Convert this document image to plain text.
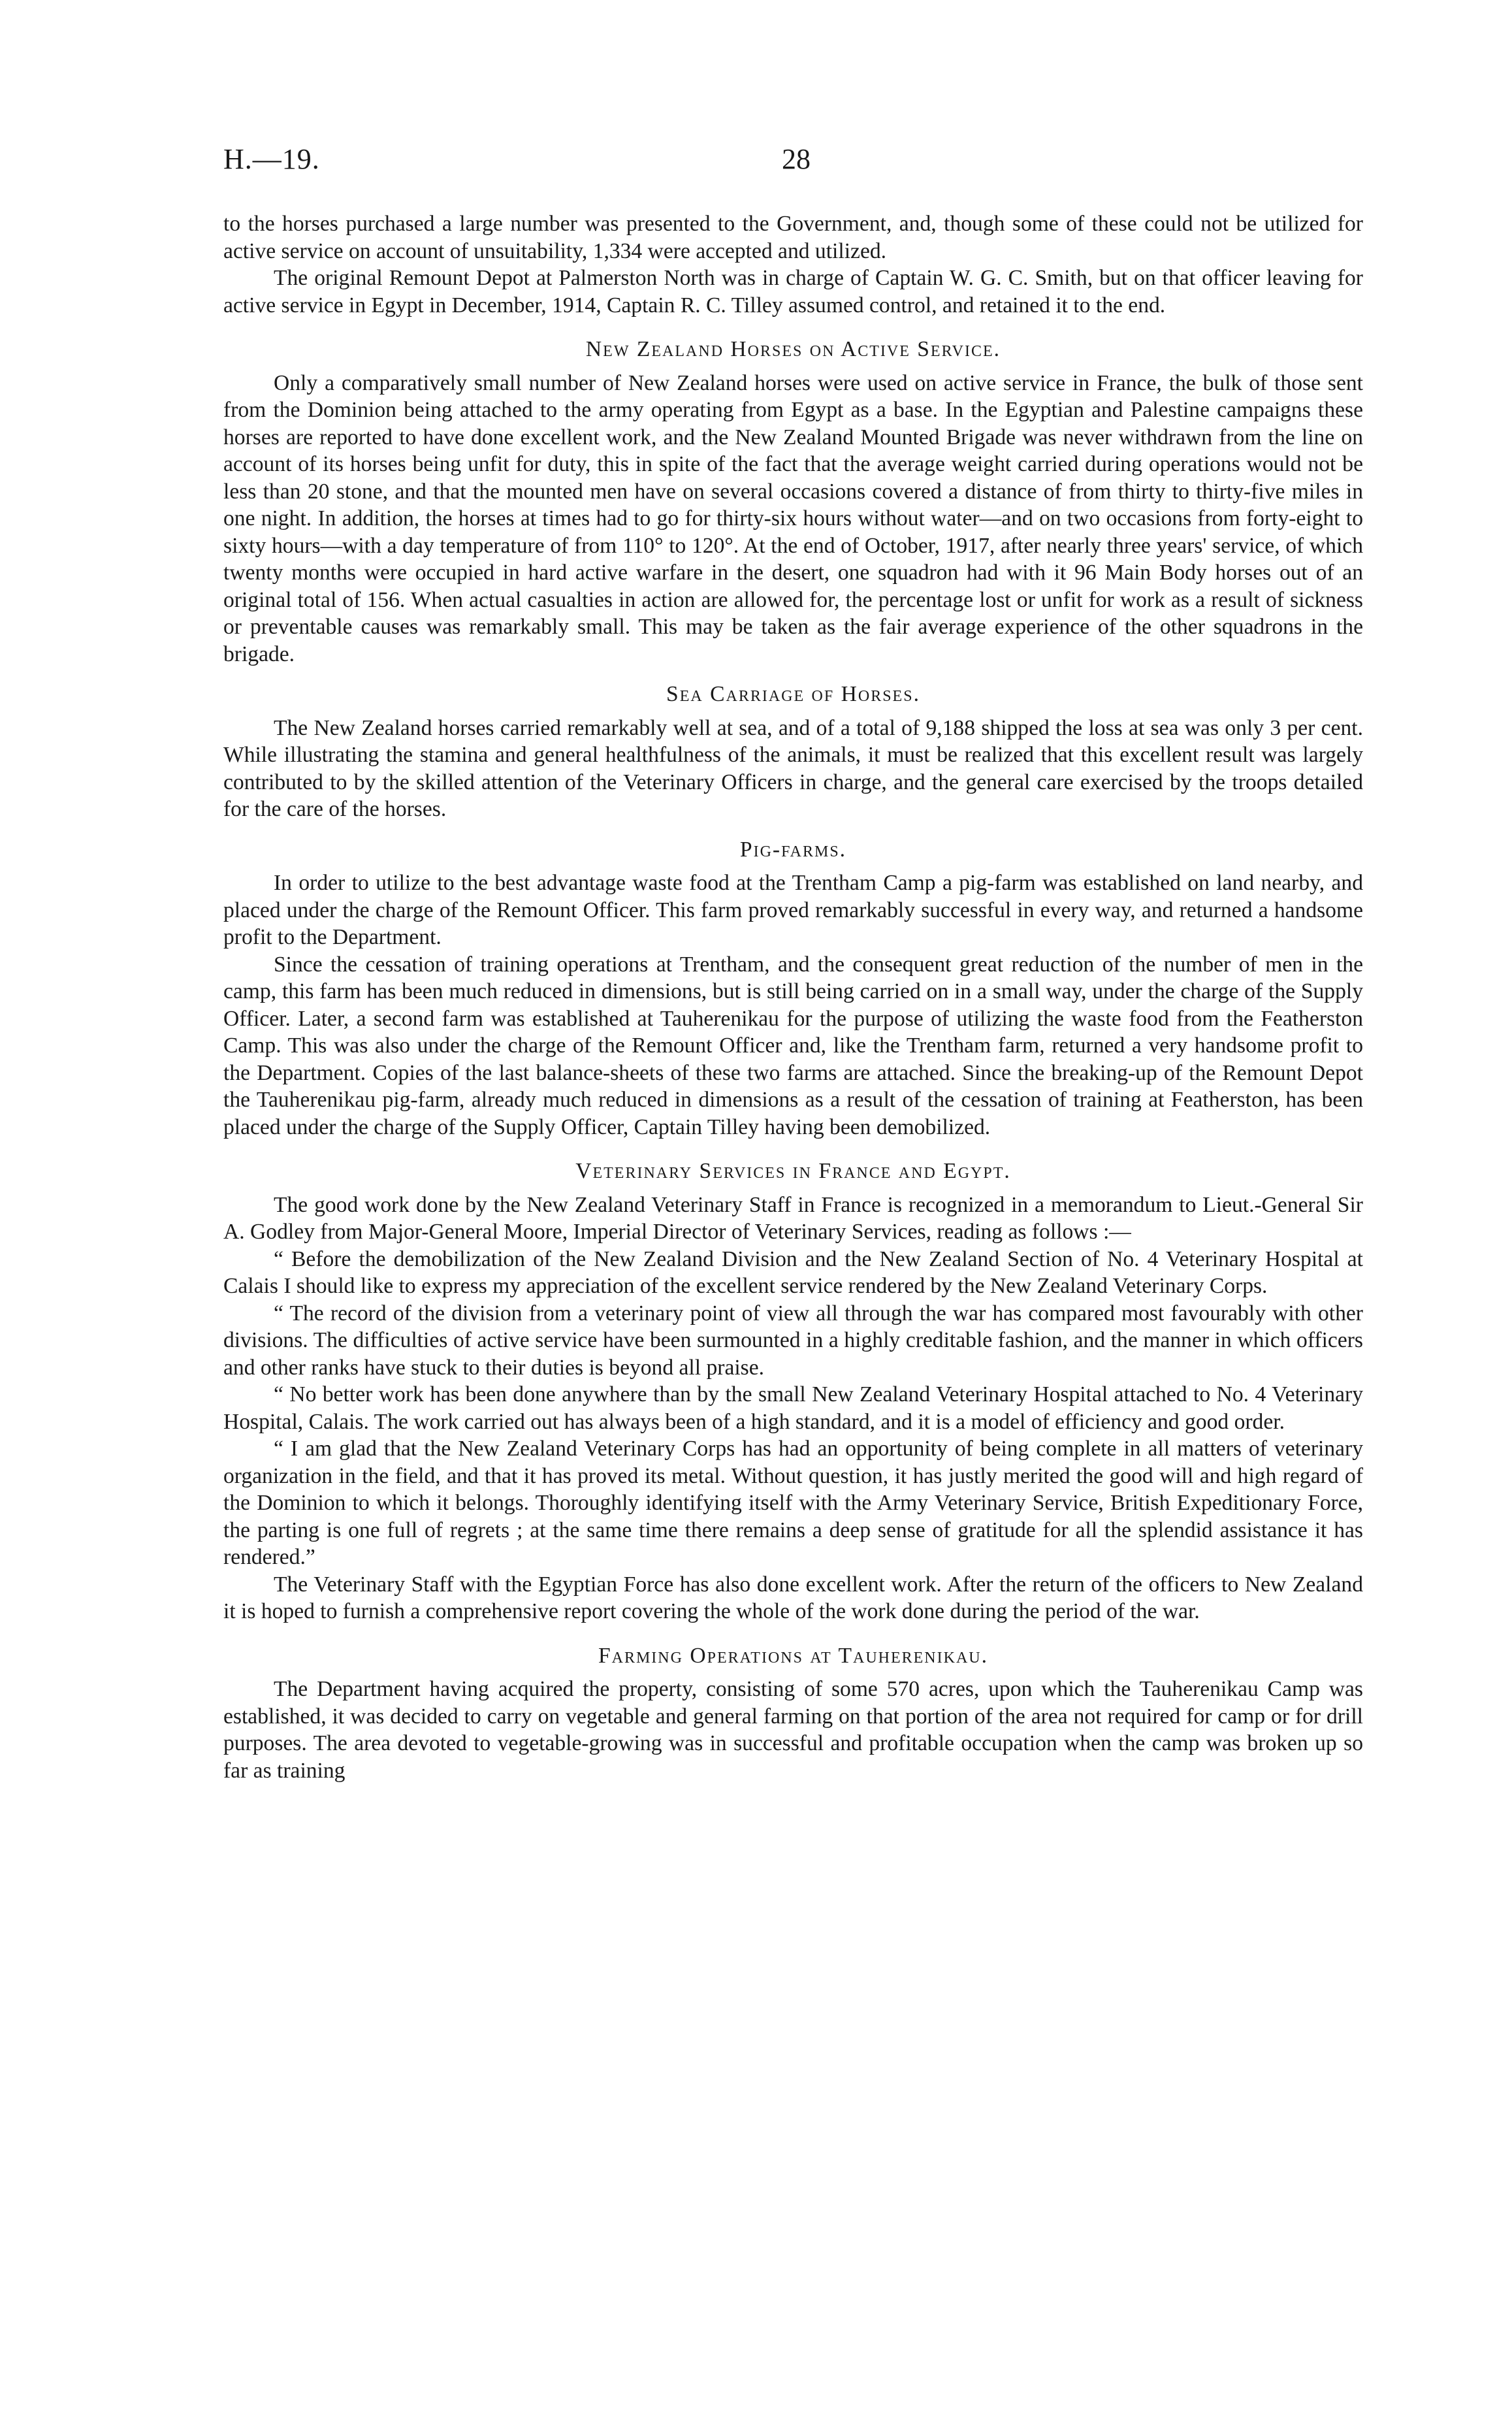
H.—19.	28

to the horses purchased a large number was presented to the Government, and, though some of these could not be utilized for active service on account of unsuitability, 1,334 were accepted and utilized.

The original Remount Depot at Palmerston North was in charge of Captain W. G. C. Smith, but on that officer leaving for active service in Egypt in December, 1914, Captain R. C. Tilley assumed control, and retained it to the end.

New Zealand Horses on Active Service.

Only a comparatively small number of New Zealand horses were used on active service in France, the bulk of those sent from the Dominion being attached to the army operating from Egypt as a base. In the Egyptian and Palestine campaigns these horses are reported to have done excellent work, and the New Zealand Mounted Brigade was never withdrawn from the line on account of its horses being unfit for duty, this in spite of the fact that the average weight carried during operations would not be less than 20 stone, and that the mounted men have on several occasions covered a distance of from thirty to thirty-five miles in one night. In addition, the horses at times had to go for thirty-six hours without water—and on two occasions from forty-eight to sixty hours—with a day temperature of from 110° to 120°. At the end of October, 1917, after nearly three years' service, of which twenty months were occupied in hard active warfare in the desert, one squadron had with it 96 Main Body horses out of an original total of 156. When actual casualties in action are allowed for, the percentage lost or unfit for work as a result of sickness or preventable causes was remarkably small. This may be taken as the fair average experience of the other squadrons in the brigade.

Sea Carriage of Horses.

The New Zealand horses carried remarkably well at sea, and of a total of 9,188 shipped the loss at sea was only 3 per cent. While illustrating the stamina and general healthfulness of the animals, it must be realized that this excellent result was largely contributed to by the skilled attention of the Veterinary Officers in charge, and the general care exercised by the troops detailed for the care of the horses.

Pig-farms.

In order to utilize to the best advantage waste food at the Trentham Camp a pig-farm was established on land nearby, and placed under the charge of the Remount Officer. This farm proved remarkably successful in every way, and returned a handsome profit to the Department.

Since the cessation of training operations at Trentham, and the consequent great reduction of the number of men in the camp, this farm has been much reduced in dimensions, but is still being carried on in a small way, under the charge of the Supply Officer. Later, a second farm was established at Tauherenikau for the purpose of utilizing the waste food from the Featherston Camp. This was also under the charge of the Remount Officer and, like the Trentham farm, returned a very handsome profit to the Department. Copies of the last balance-sheets of these two farms are attached. Since the breaking-up of the Remount Depot the Tauherenikau pig-farm, already much reduced in dimensions as a result of the cessation of training at Featherston, has been placed under the charge of the Supply Officer, Captain Tilley having been demobilized.

Veterinary Services in France and Egypt.

The good work done by the New Zealand Veterinary Staff in France is recognized in a memorandum to Lieut.-General Sir A. Godley from Major-General Moore, Imperial Director of Veterinary Services, reading as follows :—

“ Before the demobilization of the New Zealand Division and the New Zealand Section of No. 4 Veterinary Hospital at Calais I should like to express my appreciation of the excellent service rendered by the New Zealand Veterinary Corps.

“ The record of the division from a veterinary point of view all through the war has compared most favourably with other divisions. The difficulties of active service have been surmounted in a highly creditable fashion, and the manner in which officers and other ranks have stuck to their duties is beyond all praise.

“ No better work has been done anywhere than by the small New Zealand Veterinary Hospital attached to No. 4 Veterinary Hospital, Calais. The work carried out has always been of a high standard, and it is a model of efficiency and good order.

“ I am glad that the New Zealand Veterinary Corps has had an opportunity of being complete in all matters of veterinary organization in the field, and that it has proved its metal. Without question, it has justly merited the good will and high regard of the Dominion to which it belongs. Thoroughly identifying itself with the Army Veterinary Service, British Expeditionary Force, the parting is one full of regrets ; at the same time there remains a deep sense of gratitude for all the splendid assistance it has rendered.”

The Veterinary Staff with the Egyptian Force has also done excellent work. After the return of the officers to New Zealand it is hoped to furnish a comprehensive report covering the whole of the work done during the period of the war.

Farming Operations at Tauherenikau.

The Department having acquired the property, consisting of some 570 acres, upon which the Tauherenikau Camp was established, it was decided to carry on vegetable and general farming on that portion of the area not required for camp or for drill purposes. The area devoted to vegetable-growing was in successful and profitable occupation when the camp was broken up so far as training
